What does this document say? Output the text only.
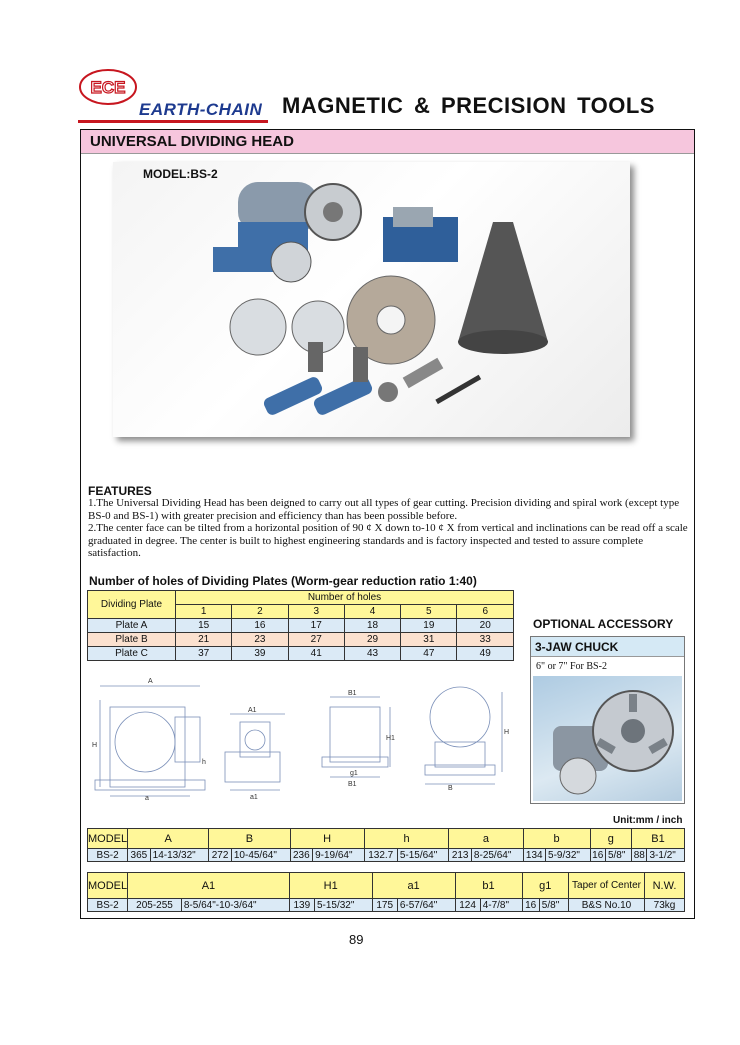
ECE
EARTH-CHAIN MAGNETIC & PRECISION TOOLS
UNIVERSAL DIVIDING HEAD
MODEL:BS-2
FEATURES
1.The Universal Dividing Head has been deigned to carry out all types of gear cutting. Precision dividing and spiral work (except type BS-0 and BS-1) with greater precision and efficiency than has been possible before.
2.The center face can be tilted from a horizontal position of 90 ¢ X down to-10 ¢ X from vertical and inclinations can be read off a scale graduated in degree. The center is built to highest engineering standards and is factory inspected and tested to assure complete satisfaction.
Number of holes of Dividing Plates (Worm-gear reduction ratio 1:40)
Dividing Plate	Number of holes					
	1	2	3	4	5	6
Plate A	15	16	17	18	19	20
Plate B	21	23	27	29	31	33
Plate C	37	39	41	43	47	49
OPTIONAL ACCESSORY
3-JAW CHUCK
6" or 7" For BS-2
A
H
h
a
A1
a1
B1
H1
g1
B1
H
B
Unit:mm / inch
MODEL	A		B		H		h		a		b		g		B1	
BS-2	365	14-13/32"	272	10-45/64"	236	9-19/64"	132.7	5-15/64"	213	8-25/64"	134	5-9/32"	16	5/8"	88	3-1/2"
MODEL	A1		H1		a1		b1		g1		Taper of Center	N.W.
BS-2	205-255	8-5/64"-10-3/64"	139	5-15/32"	175	6-57/64"	124	4-7/8"	16	5/8"	B&S No.10	73kg
89
